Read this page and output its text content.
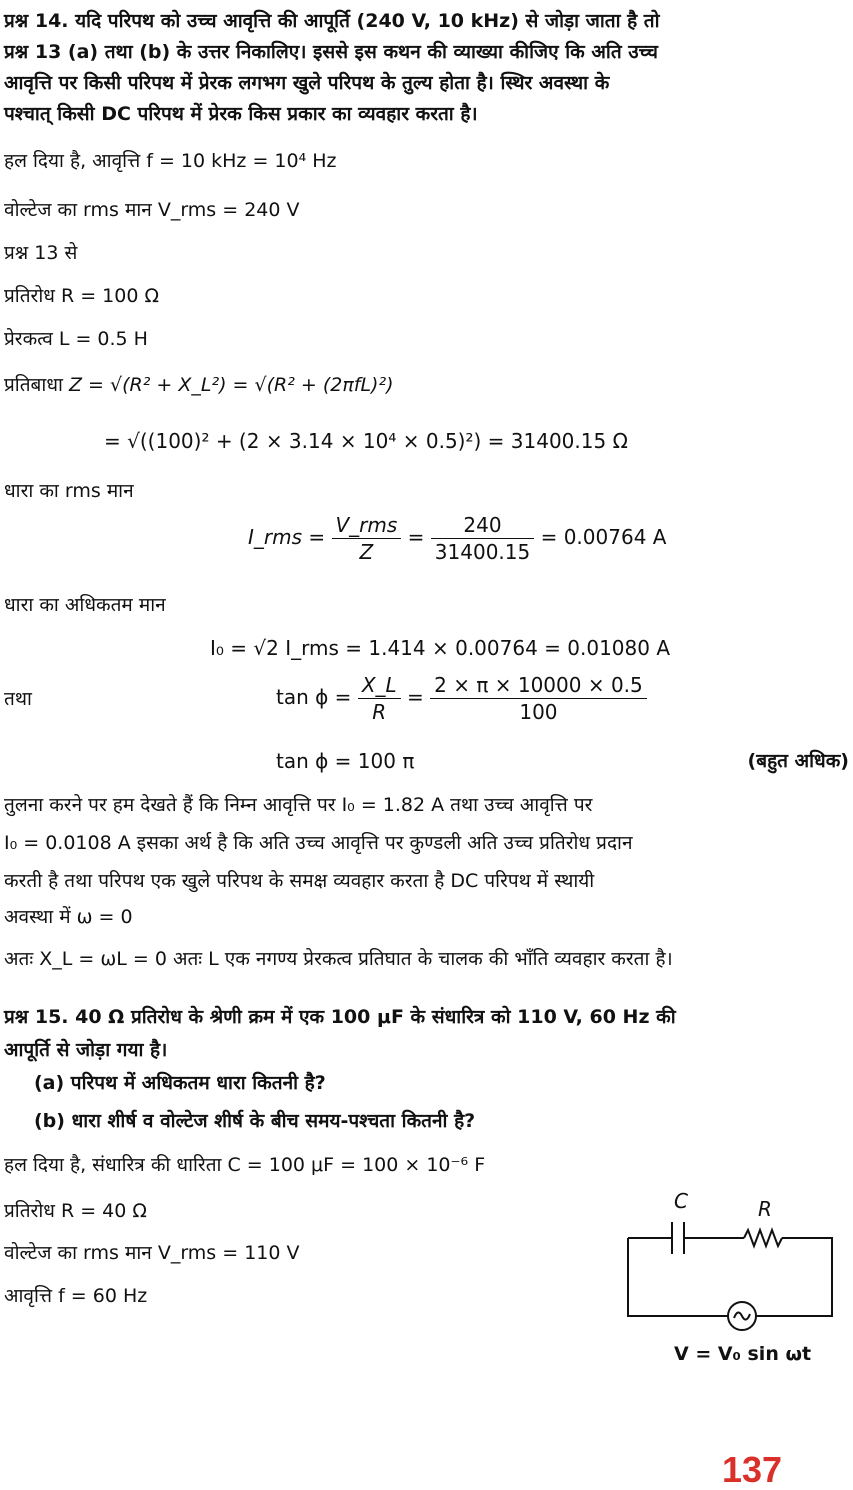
प्रश्न 14. यदि परिपथ को उच्च आवृत्ति की आपूर्ति (240 V, 10 kHz) से जोड़ा जाता है तो
प्रश्न 13 (a) तथा (b) के उत्तर निकालिए। इससे इस कथन की व्याख्या कीजिए कि अति उच्च
आवृत्ति पर किसी परिपथ में प्रेरक लगभग खुले परिपथ के तुल्य होता है। स्थिर अवस्था के
पश्चात् किसी DC परिपथ में प्रेरक किस प्रकार का व्यवहार करता है।
हल दिया है, आवृत्ति f = 10 kHz = 10⁴ Hz
वोल्टेज का rms मान V_rms = 240 V
प्रश्न 13 से
प्रतिरोध R = 100 Ω
प्रेरकत्व L = 0.5 H
प्रतिबाधा Z = √(R² + X_L²) = √(R² + (2πfL)²)
= √((100)² + (2 × 3.14 × 10⁴ × 0.5)²) = 31400.15 Ω
धारा का rms मान
I_rms = $\frac{\text{V\_rms}}{Z} = \frac{240}{31400.15} = 0.00764$ A
धारा का अधिकतम मान
I₀ = √2 I_rms = 1.414 × 0.00764 = 0.01080 A
तथा	$\tan \phi = \frac{X\_L}{R} = \frac{2 \times \pi \times 10000 \times 0.5}{100}$
tan ϕ = 100 π	(बहुत अधिक)
तुलना करने पर हम देखते हैं कि निम्न आवृत्ति पर I₀ = 1.82 A तथा उच्च आवृत्ति पर
I₀ = 0.0108 A इसका अर्थ है कि अति उच्च आवृत्ति पर कुण्डली अति उच्च प्रतिरोध प्रदान
करती है तथा परिपथ एक खुले परिपथ के समक्ष व्यवहार करता है DC परिपथ में स्थायी
अवस्था में ω = 0
अतः X_L = ωL = 0 अतः L एक नगण्य प्रेरकत्व प्रतिघात के चालक की भाँति व्यवहार करता है।
प्रश्न 15. 40 Ω प्रतिरोध के श्रेणी क्रम में एक 100 μF के संधारित्र को 110 V, 60 Hz की
आपूर्ति से जोड़ा गया है।
(a) परिपथ में अधिकतम धारा कितनी है?
(b) धारा शीर्ष व वोल्टेज शीर्ष के बीच समय-पश्चता कितनी है?
हल दिया है, संधारित्र की धारिता C = 100 μF = 100 × 10⁻⁶ F
प्रतिरोध R = 40 Ω
वोल्टेज का rms मान V_rms = 110 V
आवृत्ति f = 60 Hz
C	R
V = V₀ sin ωt
137
